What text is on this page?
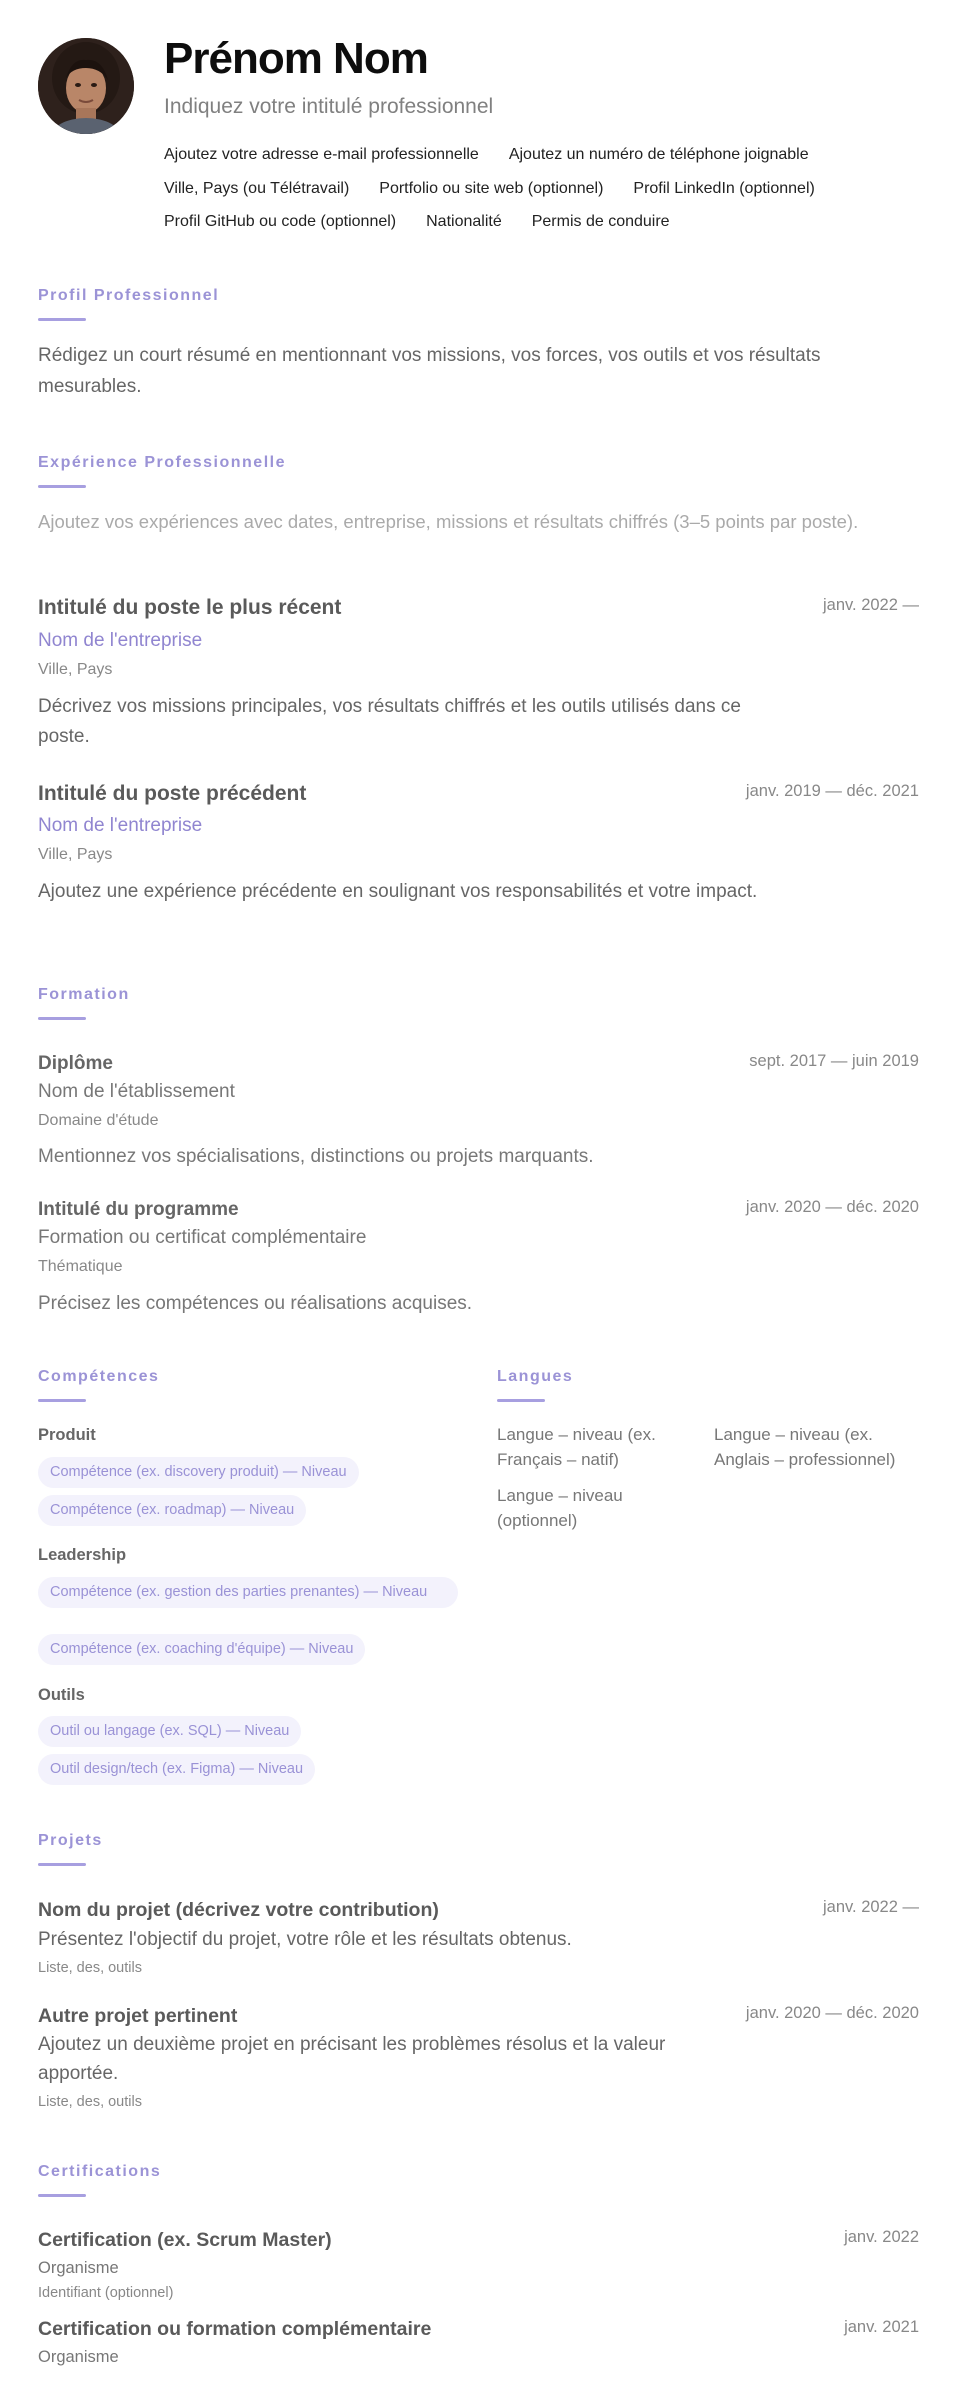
Prénom Nom
Indiquez votre intitulé professionnel
Ajoutez votre adresse e-mail professionnelle Ajoutez un numéro de téléphone joignable
Ville, Pays (ou Télétravail) Portfolio ou site web (optionnel) Profil LinkedIn (optionnel)
Profil GitHub ou code (optionnel) Nationalité Permis de conduire
Profil Professionnel
Rédigez un court résumé en mentionnant vos missions, vos forces, vos outils et vos résultats mesurables.
Expérience Professionnelle
Ajoutez vos expériences avec dates, entreprise, missions et résultats chiffrés (3–5 points par poste).
Intitulé du poste le plus récent	janv. 2022 —
Nom de l'entreprise
Ville, Pays
Décrivez vos missions principales, vos résultats chiffrés et les outils utilisés dans ce poste.
Intitulé du poste précédent	janv. 2019 — déc. 2021
Nom de l'entreprise
Ville, Pays
Ajoutez une expérience précédente en soulignant vos responsabilités et votre impact.
Formation
Diplôme	sept. 2017 — juin 2019
Nom de l'établissement
Domaine d'étude
Mentionnez vos spécialisations, distinctions ou projets marquants.
Intitulé du programme	janv. 2020 — déc. 2020
Formation ou certificat complémentaire
Thématique
Précisez les compétences ou réalisations acquises.
Compétences
Produit
Compétence (ex. discovery produit) — Niveau
Compétence (ex. roadmap) — Niveau
Leadership
Compétence (ex. gestion des parties prenantes) — Niveau
Compétence (ex. coaching d'équipe) — Niveau
Outils
Outil ou langage (ex. SQL) — Niveau
Outil design/tech (ex. Figma) — Niveau
Langues
Langue – niveau (ex. Français – natif)
Langue – niveau (ex. Anglais – professionnel)
Langue – niveau (optionnel)
Projets
Nom du projet (décrivez votre contribution)	janv. 2022 —
Présentez l'objectif du projet, votre rôle et les résultats obtenus.
Liste, des, outils
Autre projet pertinent	janv. 2020 — déc. 2020
Ajoutez un deuxième projet en précisant les problèmes résolus et la valeur apportée.
Liste, des, outils
Certifications
Certification (ex. Scrum Master)	janv. 2022
Organisme
Identifiant (optionnel)
Certification ou formation complémentaire	janv. 2021
Organisme
